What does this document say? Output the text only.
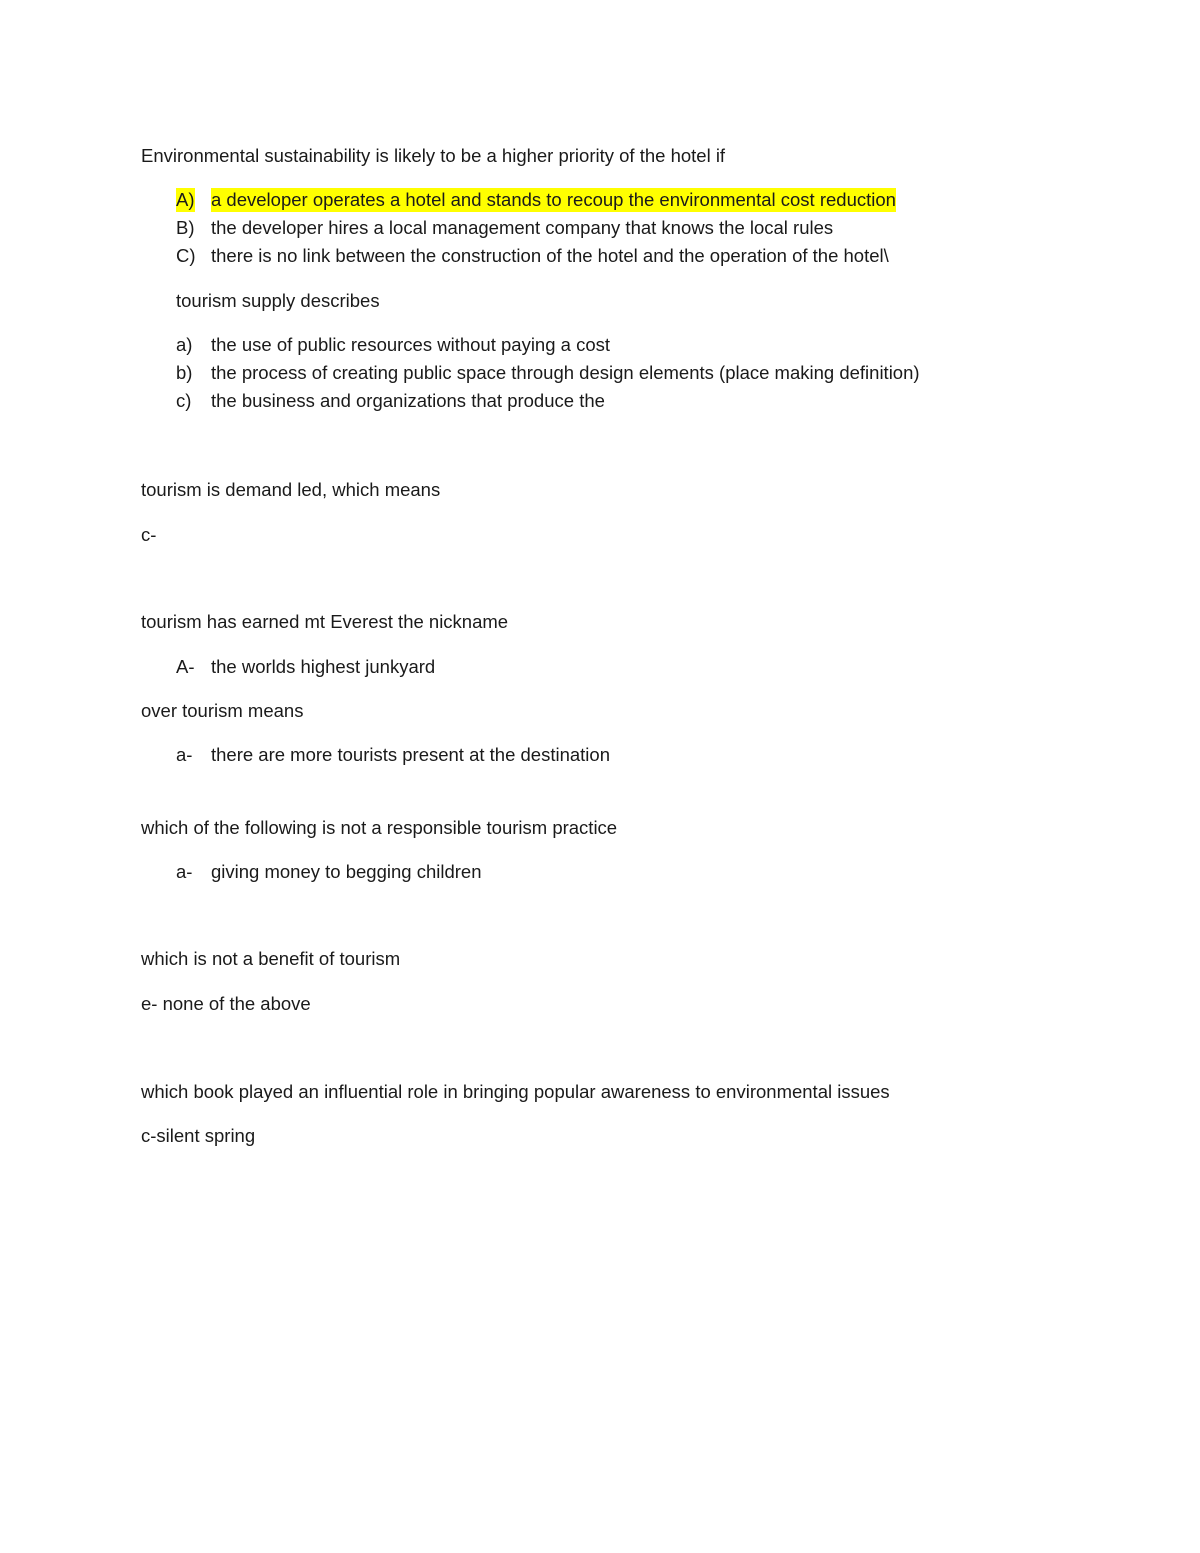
Environmental sustainability is likely to be a higher priority of the hotel if
A) a developer operates a hotel and stands to recoup the environmental cost reduction
B) the developer hires a local management company that knows the local rules
C) there is no link between the construction of the hotel and the operation of the hotel\
tourism supply describes
a) the use of public resources without paying a cost
b) the process of creating public space through design elements (place making definition)
c) the business and organizations that produce the
tourism is demand led, which means
c-
tourism has earned mt Everest the nickname
A- the worlds highest junkyard
over tourism means
a- there are more tourists present at the destination
which of the following is not a responsible tourism practice
a- giving money to begging children
which is not a benefit of tourism
e- none of the above
which book played an influential role in bringing popular awareness to environmental issues
c-silent spring
